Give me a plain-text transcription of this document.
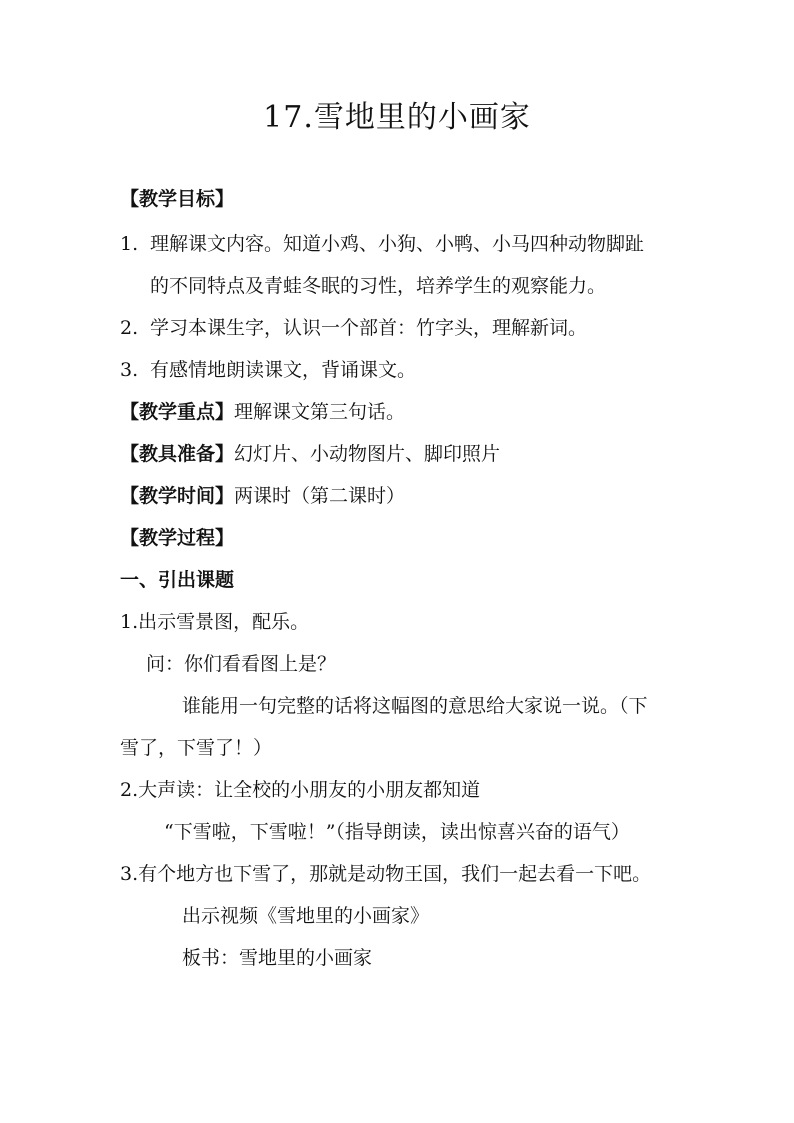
17.雪地里的小画家
【教学目标】
1. 理解课文内容。知道小鸡、小狗、小鸭、小马四种动物脚趾
的不同特点及青蛙冬眠的习性，培养学生的观察能力。
2. 学习本课生字，认识一个部首：竹字头，理解新词。
3. 有感情地朗读课文，背诵课文。
【教学重点】理解课文第三句话。
【教具准备】幻灯片、小动物图片、脚印照片
【教学时间】两课时（第二课时）
【教学过程】
一、引出课题
1.出示雪景图，配乐。
问：你们看看图上是？
谁能用一句完整的话将这幅图的意思给大家说一说。（下
雪了，下雪了！）
2.大声读：让全校的小朋友的小朋友都知道
“下雪啦，下雪啦！”（指导朗读，读出惊喜兴奋的语气）
3.有个地方也下雪了，那就是动物王国，我们一起去看一下吧。
出示视频《雪地里的小画家》
板书：雪地里的小画家
